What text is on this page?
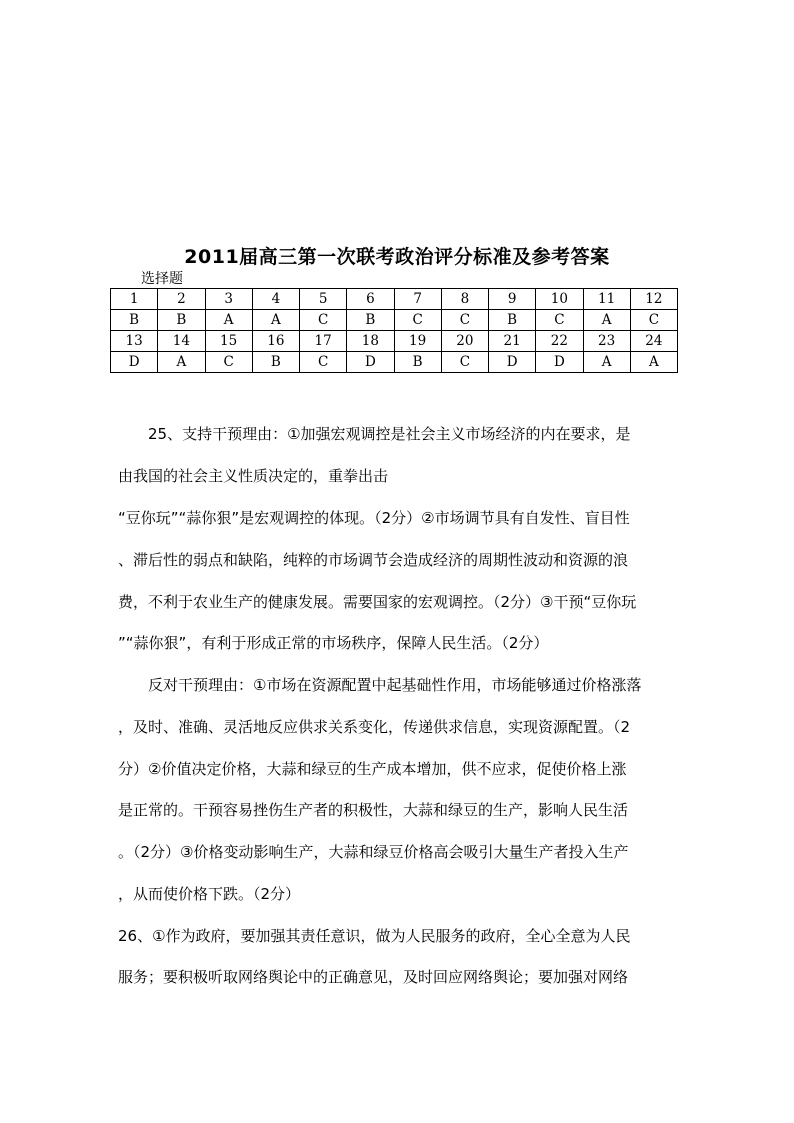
2011届高三第一次联考政治评分标准及参考答案
选择题
1	2	3	4	5	6	7	8	9	10	11	12
B	B	A	A	C	B	C	C	B	C	A	C
13	14	15	16	17	18	19	20	21	22	23	24
D	A	C	B	C	D	B	C	D	D	A	A
　　25、支持干预理由：①加强宏观调控是社会主义市场经济的内在要求，是
由我国的社会主义性质决定的，重拳出击
“豆你玩”“蒜你狠”是宏观调控的体现。（2分）②市场调节具有自发性、盲目性
、滞后性的弱点和缺陷，纯粹的市场调节会造成经济的周期性波动和资源的浪
费，不利于农业生产的健康发展。需要国家的宏观调控。（2分）③干预“豆你玩
”“蒜你狠”，有利于形成正常的市场秩序，保障人民生活。（2分）
　　反对干预理由：①市场在资源配置中起基础性作用，市场能够通过价格涨落
，及时、准确、灵活地反应供求关系变化，传递供求信息，实现资源配置。（2
分）②价值决定价格，大蒜和绿豆的生产成本增加，供不应求，促使价格上涨
是正常的。干预容易挫伤生产者的积极性，大蒜和绿豆的生产，影响人民生活
。（2分）③价格变动影响生产，大蒜和绿豆价格高会吸引大量生产者投入生产
，从而使价格下跌。（2分）
26、①作为政府，要加强其责任意识，做为人民服务的政府，全心全意为人民
服务；要积极听取网络舆论中的正确意见，及时回应网络舆论；要加强对网络
